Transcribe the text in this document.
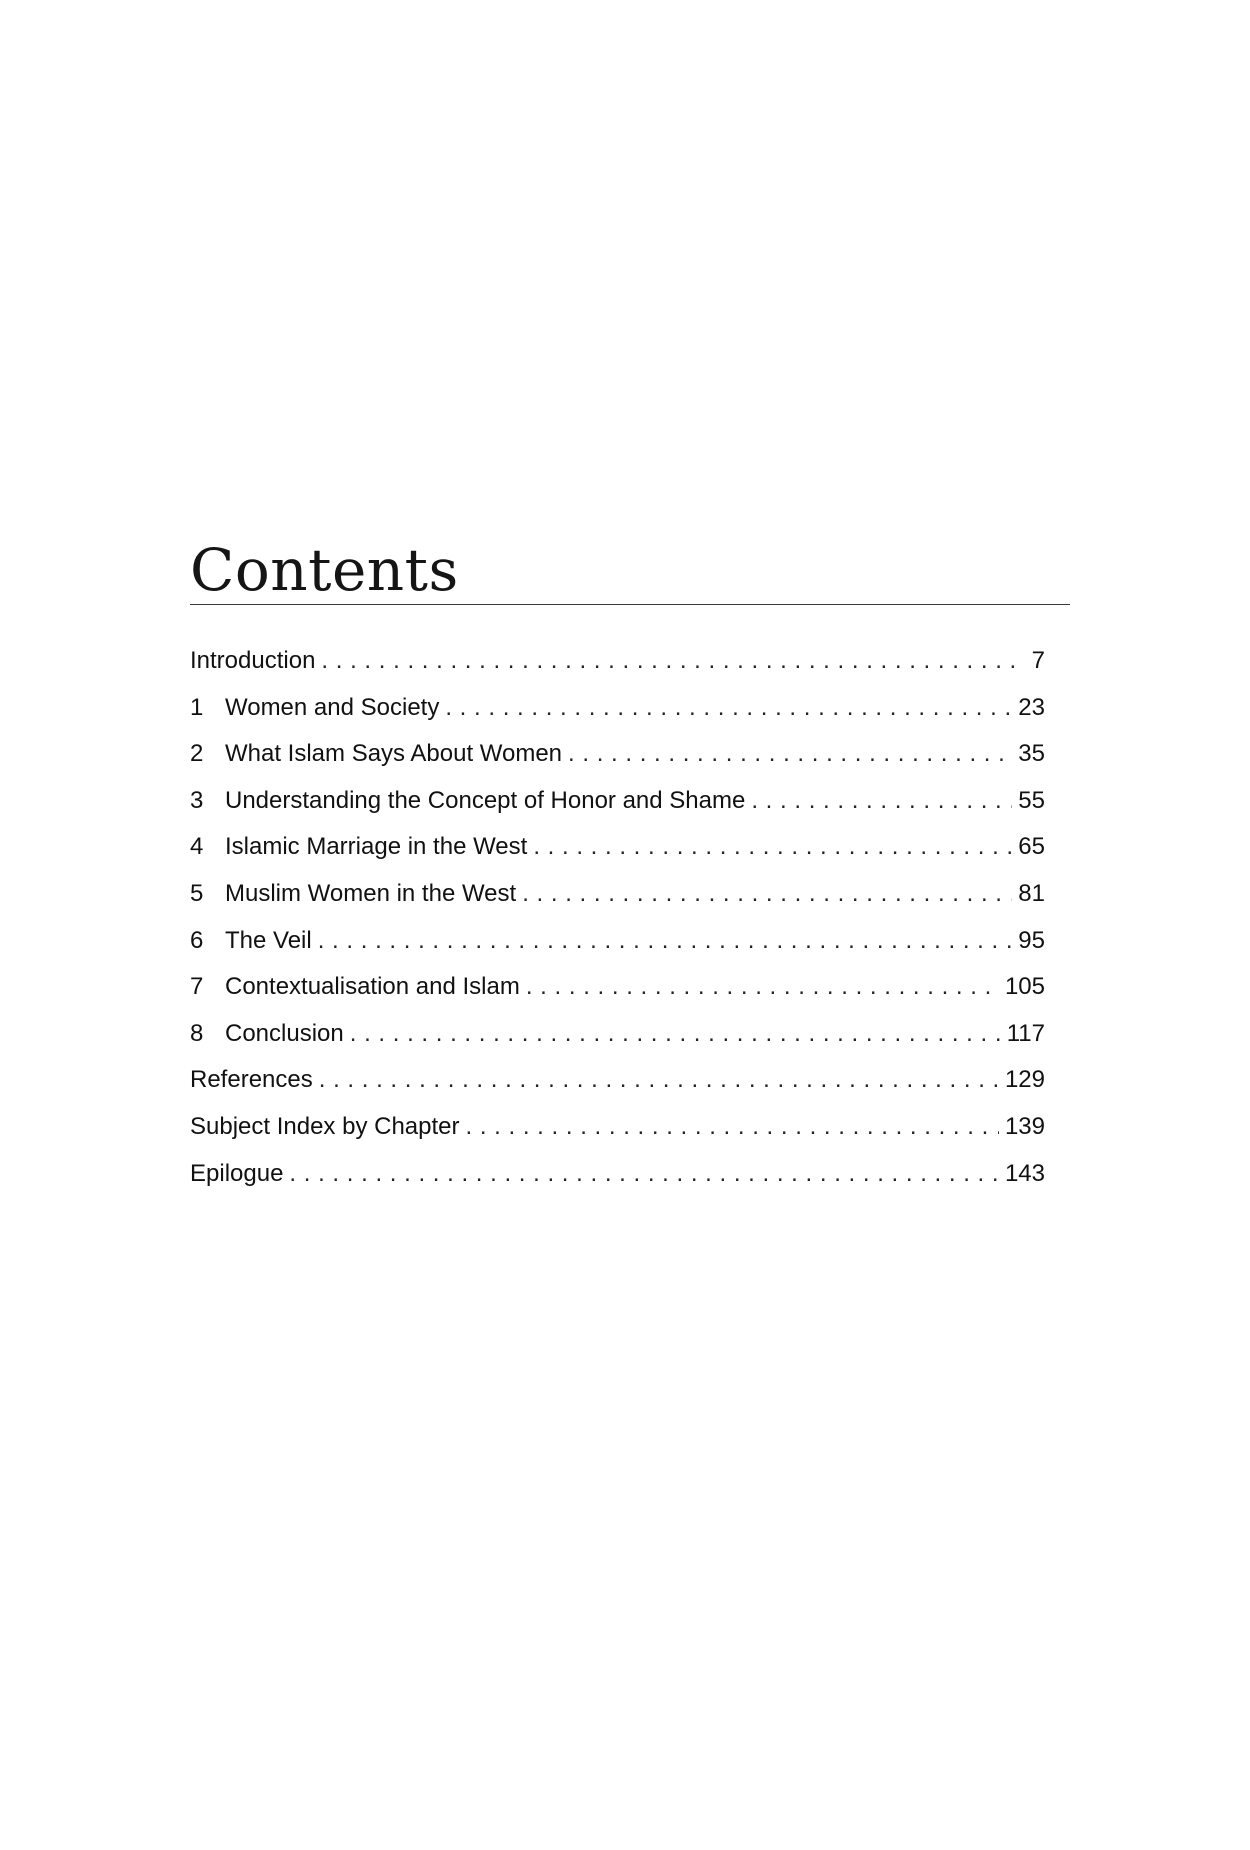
Contents
Introduction . . .	7
1 Women and Society . . .	23
2 What Islam Says About Women . . .	35
3 Understanding the Concept of Honor and Shame . . .	55
4 Islamic Marriage in the West . . .	65
5 Muslim Women in the West . . .	81
6 The Veil . . .	95
7 Contextualisation and Islam . . .	105
8 Conclusion . . .	117
References . . .	129
Subject Index by Chapter . . .	139
Epilogue . . .	143
